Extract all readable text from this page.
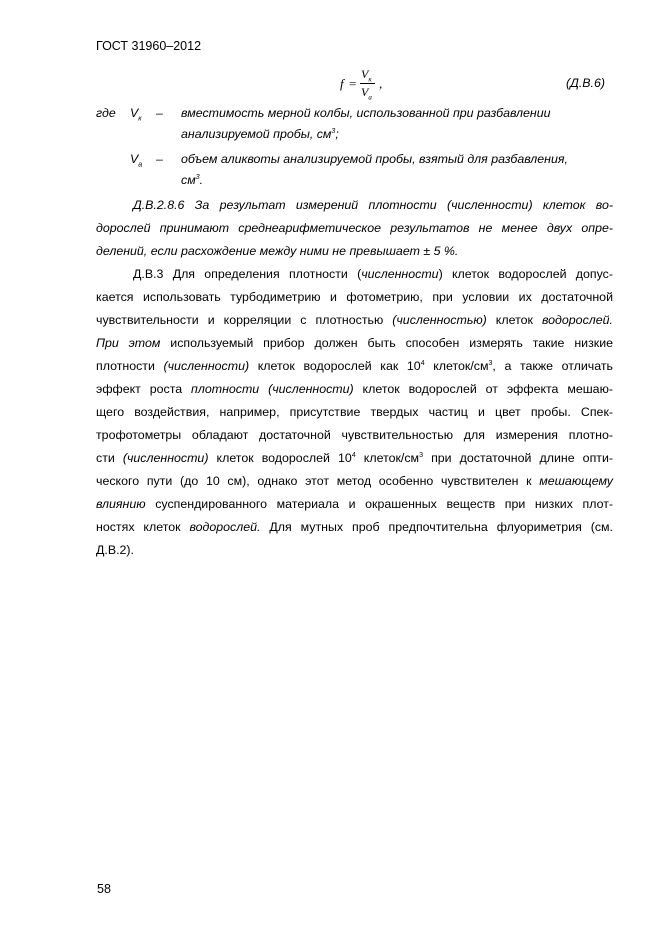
ГОСТ 31960–2012
f =
$V_к$
$V_а$
,	(Д.В.6)
где $V_к$ – вместимость мерной колбы, использованной при разбавлении
анализируемой пробы, $см^3$;
$V_а$ – объем аликвоты анализируемой пробы, взятый для разбавления,
$см^3$.
Д.В.2.8.6 За результат измерений плотности (численности) клеток во-
дорослей принимают среднеарифметическое результатов не менее двух опре-
делений, если расхождение между ними не превышает ± 5 %.
Д.В.3 Для определения плотности (численности) клеток водорослей допус-
кается использовать турбодиметрию и фотометрию, при условии их достаточной
чувствительности и корреляции с плотностью (численностью) клеток водорослей.
При этом используемый прибор должен быть способен измерять такие низкие
плотности (численности) клеток водорослей как $10^4$ клеток/$см^3$, а также отличать
эффект роста плотности (численности) клеток водорослей от эффекта мешаю-
щего воздействия, например, присутствие твердых частиц и цвет пробы. Спек-
трофотометры обладают достаточной чувствительностью для измерения плотно-
сти (численности) клеток водорослей $10^4$ клеток/$см^3$ при достаточной длине опти-
ческого пути (до 10 см), однако этот метод особенно чувствителен к мешающему
влиянию суспендированного материала и окрашенных веществ при низких плот-
ностях клеток водорослей. Для мутных проб предпочтительна флуориметрия (см.
Д.В.2).
58
